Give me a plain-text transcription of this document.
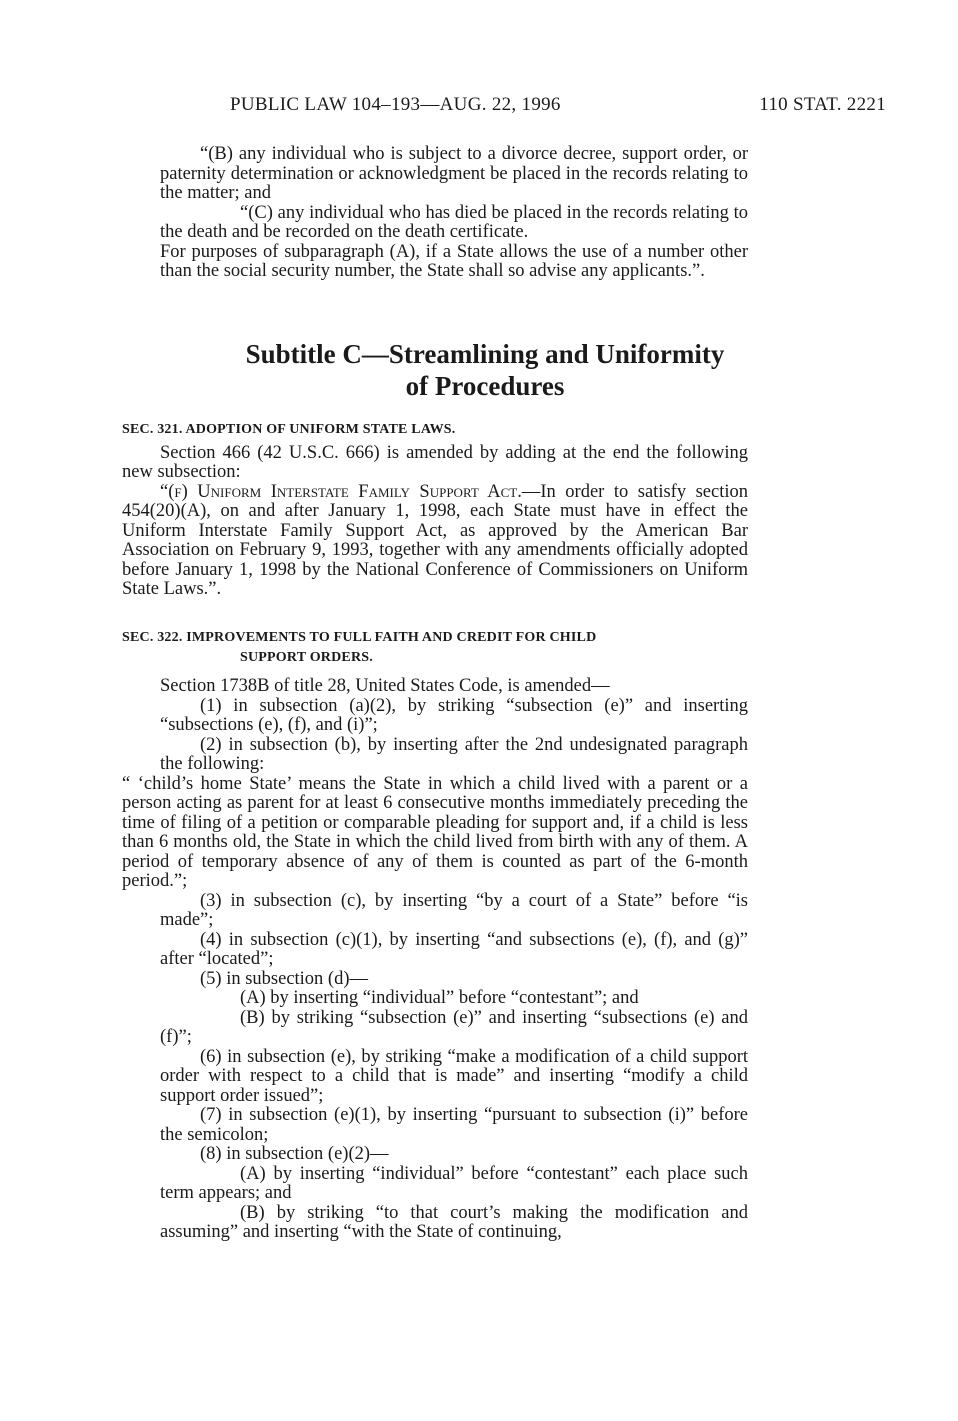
PUBLIC LAW 104–193—AUG. 22, 1996	110 STAT. 2221

“(B) any individual who is subject to a divorce decree, support order, or paternity determination or acknowledgment be placed in the records relating to the matter; and

“(C) any individual who has died be placed in the records relating to the death and be recorded on the death certificate.

For purposes of subparagraph (A), if a State allows the use of a number other than the social security number, the State shall so advise any applicants.”.

Subtitle C—Streamlining and Uniformity
of Procedures

SEC. 321. ADOPTION OF UNIFORM STATE LAWS.

Section 466 (42 U.S.C. 666) is amended by adding at the end the following new subsection:

“(f) Uniform Interstate Family Support Act.—In order to satisfy section 454(20)(A), on and after January 1, 1998, each State must have in effect the Uniform Interstate Family Support Act, as approved by the American Bar Association on February 9, 1993, together with any amendments officially adopted before January 1, 1998 by the National Conference of Commissioners on Uniform State Laws.”.

SEC. 322. IMPROVEMENTS TO FULL FAITH AND CREDIT FOR CHILD

SUPPORT ORDERS.

Section 1738B of title 28, United States Code, is amended—

(1) in subsection (a)(2), by striking “subsection (e)” and inserting “subsections (e), (f), and (i)”;

(2) in subsection (b), by inserting after the 2nd undesignated paragraph the following:

“ ‘child’s home State’ means the State in which a child lived with a parent or a person acting as parent for at least 6 consecutive months immediately preceding the time of filing of a petition or comparable pleading for support and, if a child is less than 6 months old, the State in which the child lived from birth with any of them. A period of temporary absence of any of them is counted as part of the 6-month period.”;

(3) in subsection (c), by inserting “by a court of a State” before “is made”;

(4) in subsection (c)(1), by inserting “and subsections (e), (f), and (g)” after “located”;

(5) in subsection (d)—

(A) by inserting “individual” before “contestant”; and

(B) by striking “subsection (e)” and inserting “subsections (e) and (f)”;

(6) in subsection (e), by striking “make a modification of a child support order with respect to a child that is made” and inserting “modify a child support order issued”;

(7) in subsection (e)(1), by inserting “pursuant to subsection (i)” before the semicolon;

(8) in subsection (e)(2)—

(A) by inserting “individual” before “contestant” each place such term appears; and

(B) by striking “to that court’s making the modification and assuming” and inserting “with the State of continuing,
